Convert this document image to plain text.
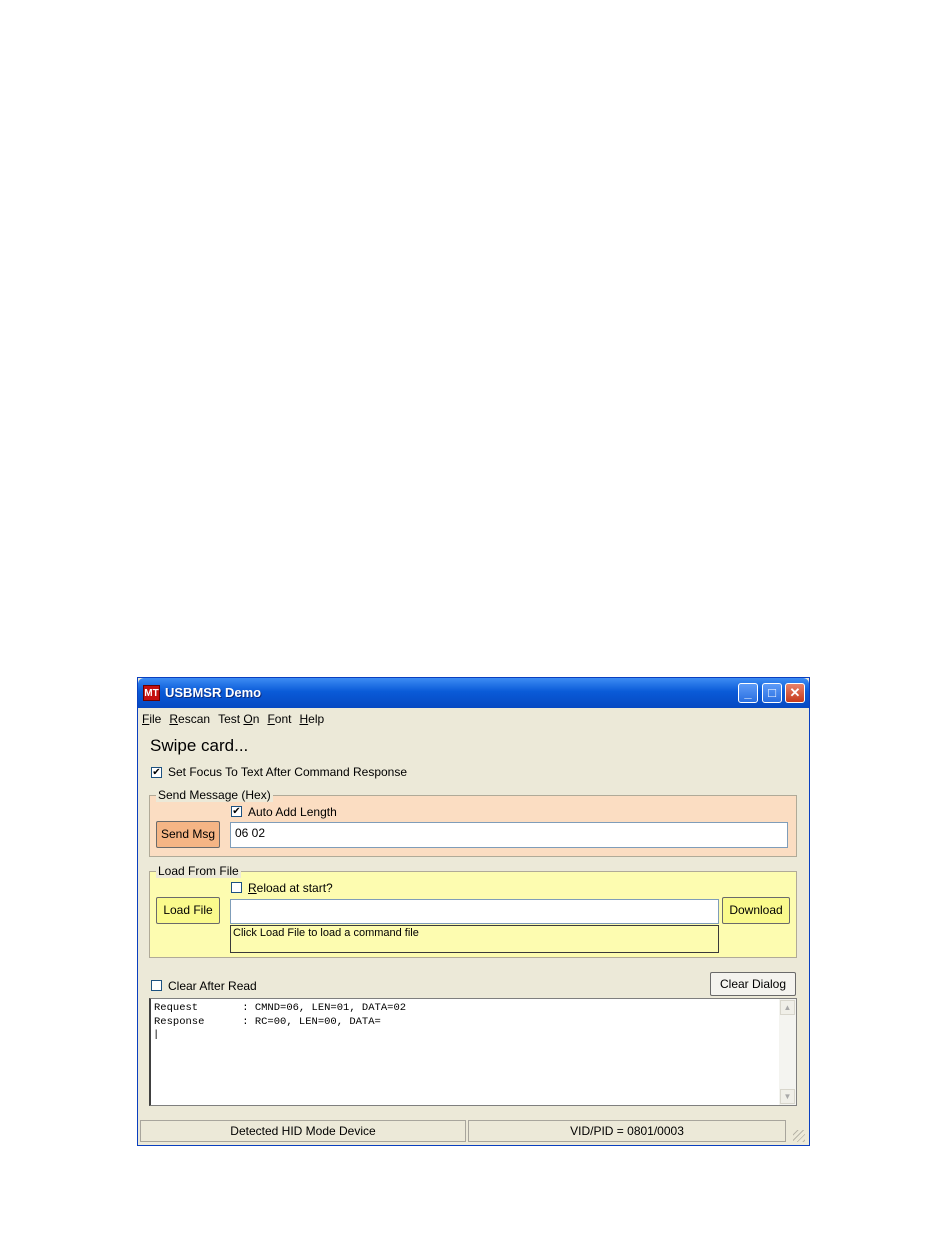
MT USBMSR Demo	_	□	✕
File Rescan Test On Font Help
Swipe card...
✔ Set Focus To Text After Command Response
Send Message (Hex)
✔ Auto Add Length
Send Msg	06 02
Load From File
Reload at start?
Load File	Download
Click Load File to load a command file
Clear After Read	Clear Dialog
Request       : CMND=06, LEN=01, DATA=02
Response      : RC=00, LEN=00, DATA=
|
▲
▼
Detected HID Mode Device	VID/PID = 0801/0003
